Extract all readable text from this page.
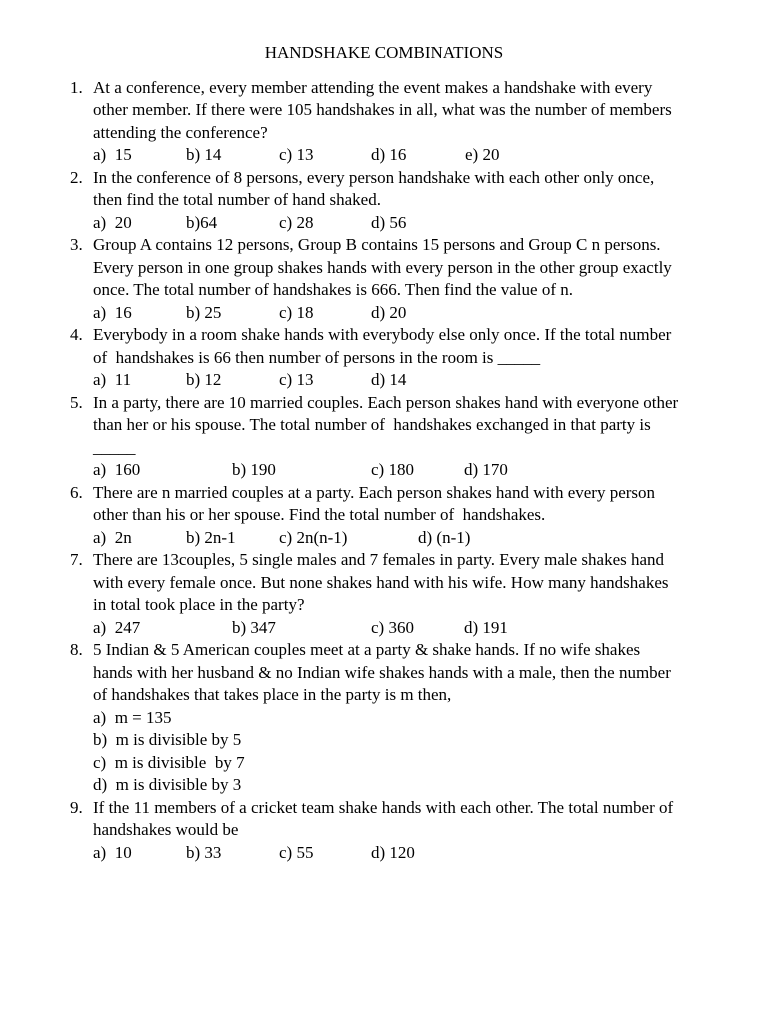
HANDSHAKE COMBINATIONS
1. At a conference, every member attending the event makes a handshake with every
other member. If there were 105 handshakes in all, what was the number of members
attending the conference?
a)  15	b) 14	c) 13	d) 16	e) 20
2. In the conference of 8 persons, every person handshake with each other only once,
then find the total number of hand shaked.
a)  20	b)64	c) 28	d) 56
3. Group A contains 12 persons, Group B contains 15 persons and Group C n persons.
Every person in one group shakes hands with every person in the other group exactly
once. The total number of handshakes is 666. Then find the value of n.
a)  16	b) 25	c) 18	d) 20
4. Everybody in a room shake hands with everybody else only once. If the total number
of  handshakes is 66 then number of persons in the room is _____
a)  11	b) 12	c) 13	d) 14
5. In a party, there are 10 married couples. Each person shakes hand with everyone other
than her or his spouse. The total number of  handshakes exchanged in that party is
_____
a)  160	b) 190	c) 180	d) 170
6. There are n married couples at a party. Each person shakes hand with every person
other than his or her spouse. Find the total number of  handshakes.
a)  2n	b) 2n-1	c) 2n(n-1)	d) (n-1)
7. There are 13couples, 5 single males and 7 females in party. Every male shakes hand
with every female once. But none shakes hand with his wife. How many handshakes
in total took place in the party?
a)  247	b) 347	c) 360	d) 191
8. 5 Indian & 5 American couples meet at a party & shake hands. If no wife shakes
hands with her husband & no Indian wife shakes hands with a male, then the number
of handshakes that takes place in the party is m then,
a)  m = 135
b)  m is divisible by 5
c)  m is divisible  by 7
d)  m is divisible by 3
9. If the 11 members of a cricket team shake hands with each other. The total number of
handshakes would be
a)  10	b) 33	c) 55	d) 120
